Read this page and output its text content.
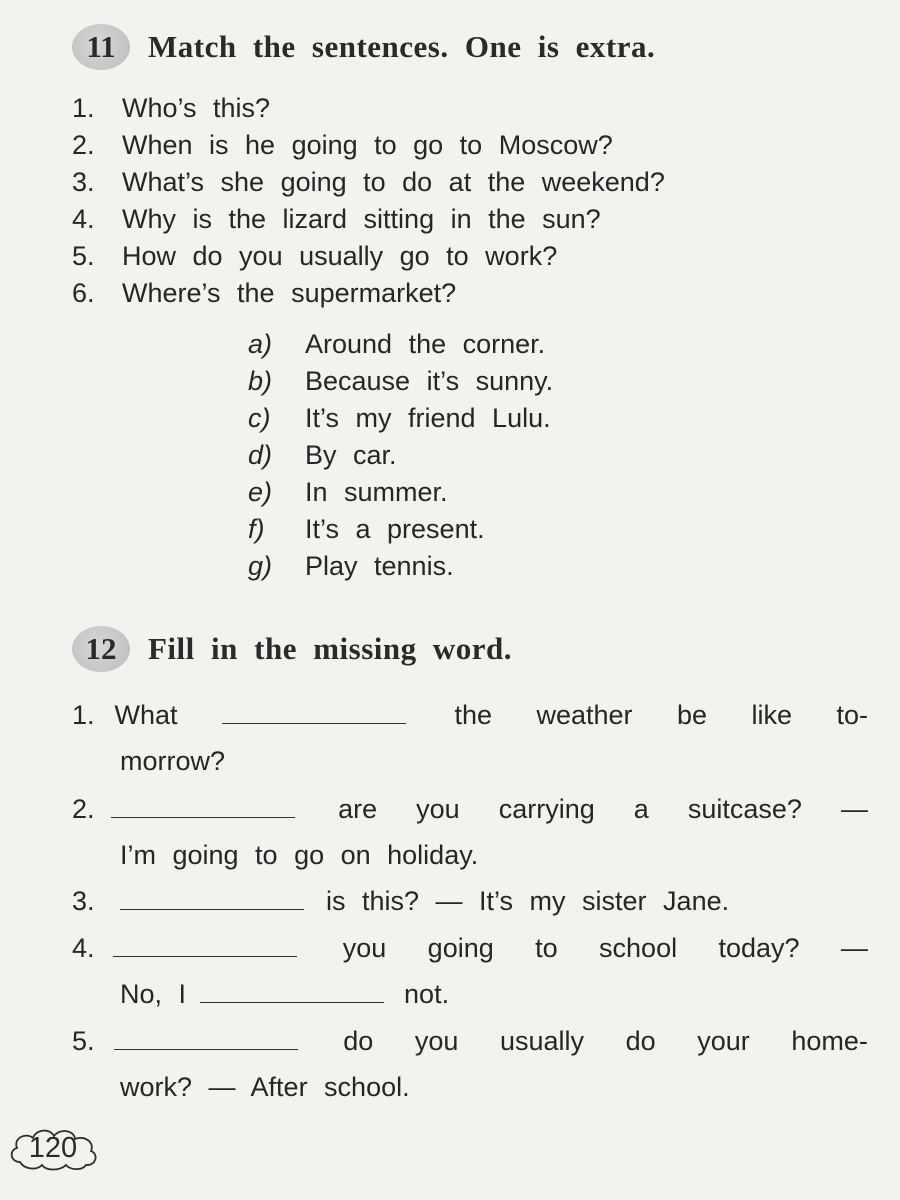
11	Match the sentences. One is extra.
1.	Who’s this?
2.	When is he going to go to Moscow?
3.	What’s she going to do at the weekend?
4.	Why is the lizard sitting in the sun?
5.	How do you usually go to work?
6.	Where’s the supermarket?
a)	Around the corner.
b)	Because it’s sunny.
c)	It’s my friend Lulu.
d)	By car.
e)	In summer.
f)	It’s a present.
g)	Play tennis.
12	Fill in the missing word.
1. What	the weather be like to-
morrow?
2.	are you carrying a suitcase? —
I’m going to go on holiday.
3.	is this? — It’s my sister Jane.
4.	you going to school today? —
No, I	not.
5.	do you usually do your home-
work? — After school.
120
